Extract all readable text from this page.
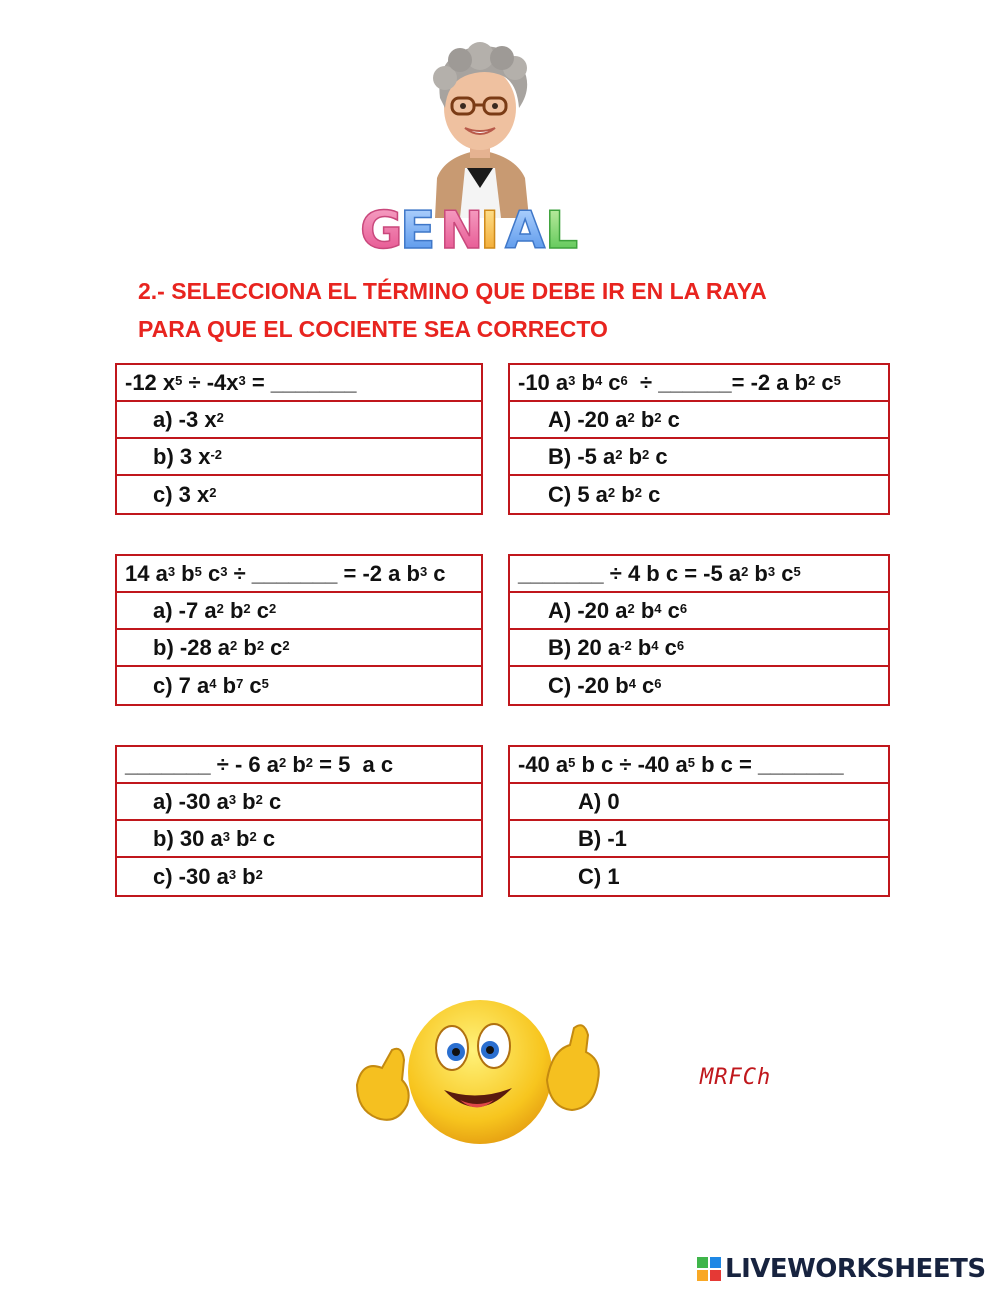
G
E N
I A L
2.- SELECCIONA EL TÉRMINO QUE DEBE IR EN LA RAYA
PARA QUE EL COCIENTE SEA CORRECTO
-12 $x^5 \div -4x^3$ = _______
a) -3 $x^2$
b) 3 $x^{-2}$
c) 3 $x^2$
-10 $a^3$ $b^4$ $c^6$ ÷ ______= -2 a $b^2$ $c^5$
A) -20 $a^2$ $b^2$ c
B) -5 $a^2$ $b^2$ c
C) 5 $a^2$ $b^2$ c
14 $a^3$ $b^5$ $c^3$ ÷ _______ = -2 a $b^3$ c
a) -7 $a^2$ $b^2$ $c^2$
b) -28 $a^2$ $b^2$ $c^2$
c) 7 $a^4$ $b^7$ $c^5$
_______ ÷ 4 b c = -5 $a^2$ $b^3$ $c^5$
A) -20 $a^2$ $b^4$ $c^6$
B) 20 $a^{-2}$ $b^4$ $c^6$
C) -20 $b^4$ $c^6$
_______ ÷ - 6 $a^2$ $b^2 = 5$  a c
a) -30 $a^3$ $b^2$ c
b) 30 $a^3$ $b^2$ c
c) -30 $a^3$ $b^2$
-40 $a^5$ b c ÷ -40 $a^5$ b c = _______
A) 0
B) -1
C) 1
MRFCh
LIVEWORKSHEETS
